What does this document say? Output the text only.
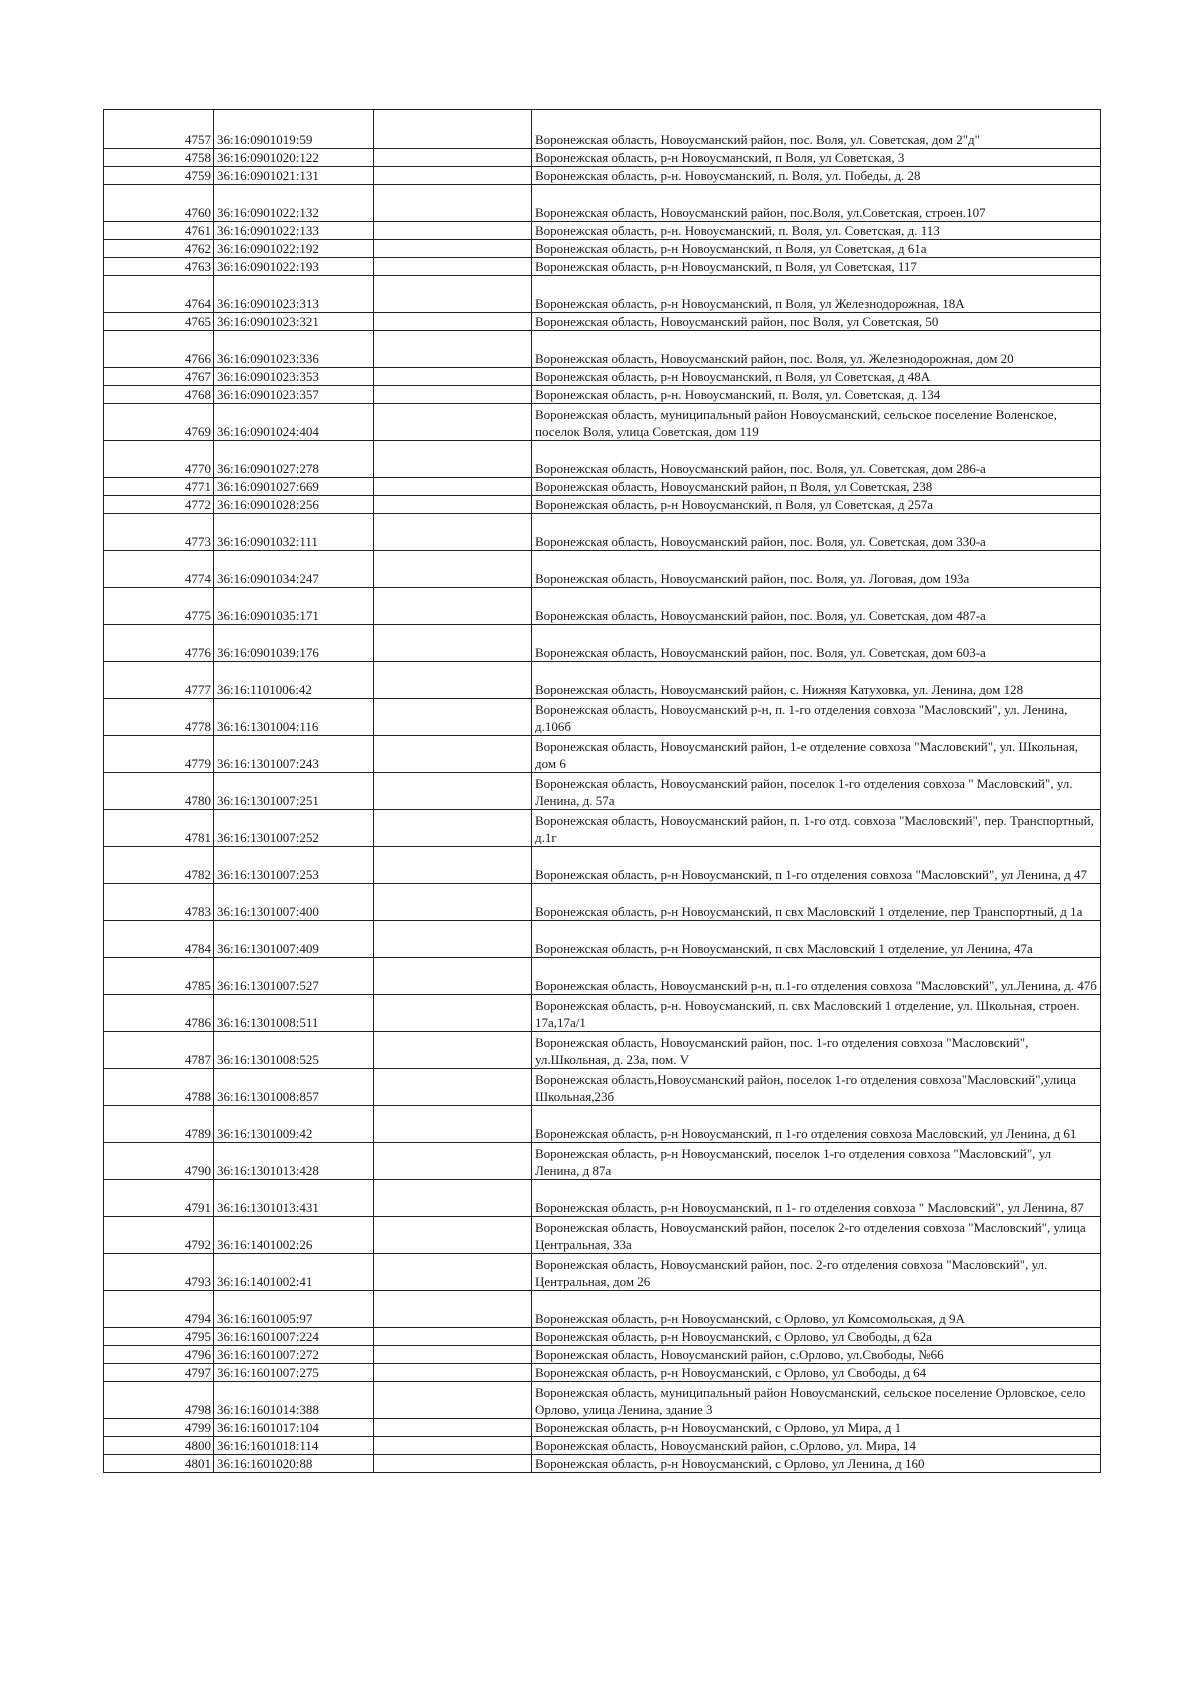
4757	36:16:0901019:59		Воронежская область, Новоусманский район, пос. Воля, ул. Советская, дом 2"д"
4758	36:16:0901020:122		Воронежская область, р-н Новоусманский, п Воля, ул Советская, 3
4759	36:16:0901021:131		Воронежская область, р-н. Новоусманский, п. Воля, ул. Победы, д. 28
4760	36:16:0901022:132		Воронежская область, Новоусманский район, пос.Воля, ул.Советская, строен.107
4761	36:16:0901022:133		Воронежская область, р-н. Новоусманский, п. Воля, ул. Советская, д. 113
4762	36:16:0901022:192		Воронежская область, р-н Новоусманский, п Воля, ул Советская, д 61а
4763	36:16:0901022:193		Воронежская область, р-н Новоусманский, п Воля, ул Советская, 117
4764	36:16:0901023:313		Воронежская область, р-н Новоусманский, п Воля, ул Железнодорожная, 18А
4765	36:16:0901023:321		Воронежская область, Новоусманский район, пос Воля, ул Советская, 50
4766	36:16:0901023:336		Воронежская область, Новоусманский район, пос. Воля, ул. Железнодорожная, дом 20
4767	36:16:0901023:353		Воронежская область, р-н Новоусманский, п Воля, ул Советская, д 48А
4768	36:16:0901023:357		Воронежская область, р-н. Новоусманский, п. Воля, ул. Советская, д. 134
4769	36:16:0901024:404		Воронежская область, муниципальный район Новоусманский, сельское поселение Воленское, поселок Воля, улица Советская, дом 119
4770	36:16:0901027:278		Воронежская область, Новоусманский район, пос. Воля, ул. Советская, дом 286-а
4771	36:16:0901027:669		Воронежская область, Новоусманский район, п Воля, ул Советская, 238
4772	36:16:0901028:256		Воронежская область, р-н Новоусманский, п Воля, ул Советская, д 257а
4773	36:16:0901032:111		Воронежская область, Новоусманский район, пос. Воля, ул. Советская, дом 330-а
4774	36:16:0901034:247		Воронежская область, Новоусманский район, пос. Воля, ул. Логовая, дом 193а
4775	36:16:0901035:171		Воронежская область, Новоусманский район, пос. Воля, ул. Советская, дом 487-а
4776	36:16:0901039:176		Воронежская область, Новоусманский район, пос. Воля, ул. Советская, дом 603-а
4777	36:16:1101006:42		Воронежская область, Новоусманский район, с. Нижняя Катуховка, ул. Ленина, дом 128
4778	36:16:1301004:116		Воронежская область, Новоусманский р-н, п. 1-го отделения совхоза "Масловский", ул. Ленина, д.106б
4779	36:16:1301007:243		Воронежская область, Новоусманский район, 1-е отделение совхоза "Масловский", ул. Школьная, дом 6
4780	36:16:1301007:251		Воронежская область, Новоусманский район, поселок 1-го отделения совхоза " Масловский", ул. Ленина, д. 57а
4781	36:16:1301007:252		Воронежская область, Новоусманский район, п. 1-го отд. совхоза "Масловский", пер. Транспортный, д.1г
4782	36:16:1301007:253		Воронежская область, р-н Новоусманский, п 1-го отделения совхоза "Масловский", ул Ленина, д 47
4783	36:16:1301007:400		Воронежская область, р-н Новоусманский, п свх Масловский 1 отделение, пер Транспортный, д 1а
4784	36:16:1301007:409		Воронежская область, р-н Новоусманский, п свх Масловский 1 отделение, ул Ленина, 47а
4785	36:16:1301007:527		Воронежская область, Новоусманский р-н, п.1-го отделения совхоза "Масловский", ул.Ленина, д. 47б
4786	36:16:1301008:511		Воронежская область, р-н. Новоусманский, п. свх Масловский 1 отделение, ул. Школьная, строен. 17а,17а/1
4787	36:16:1301008:525		Воронежская область, Новоусманский район, пос. 1-го отделения совхоза "Масловский", ул.Школьная, д. 23а, пом. V
4788	36:16:1301008:857		Воронежская область,Новоусманский район, поселок 1-го отделения совхоза"Масловский",улица Школьная,23б
4789	36:16:1301009:42		Воронежская область, р-н Новоусманский, п 1-го отделения совхоза Масловский, ул Ленина, д 61
4790	36:16:1301013:428		Воронежская область, р-н Новоусманский, поселок 1-го отделения совхоза "Масловский", ул Ленина, д 87а
4791	36:16:1301013:431		Воронежская область, р-н Новоусманский, п 1- го отделения совхоза " Масловский", ул Ленина, 87
4792	36:16:1401002:26		Воронежская область, Новоусманский район, поселок 2-го отделения совхоза "Масловский", улица Центральная, 33а
4793	36:16:1401002:41		Воронежская область, Новоусманский район, пос. 2-го отделения совхоза "Масловский", ул. Центральная, дом 26
4794	36:16:1601005:97		Воронежская область, р-н Новоусманский, с Орлово, ул Комсомольская, д 9А
4795	36:16:1601007:224		Воронежская область, р-н Новоусманский, с Орлово, ул Свободы, д 62а
4796	36:16:1601007:272		Воронежская область, Новоусманский район, с.Орлово, ул.Свободы, №66
4797	36:16:1601007:275		Воронежская область, р-н Новоусманский, с Орлово, ул Свободы, д 64
4798	36:16:1601014:388		Воронежская область, муниципальный район Новоусманский, сельское поселение Орловское, село Орлово, улица Ленина, здание 3
4799	36:16:1601017:104		Воронежская область, р-н Новоусманский, с Орлово, ул Мира, д 1
4800	36:16:1601018:114		Воронежская область, Новоусманский район, с.Орлово, ул. Мира, 14
4801	36:16:1601020:88		Воронежская область, р-н Новоусманский, с Орлово, ул Ленина, д 160
